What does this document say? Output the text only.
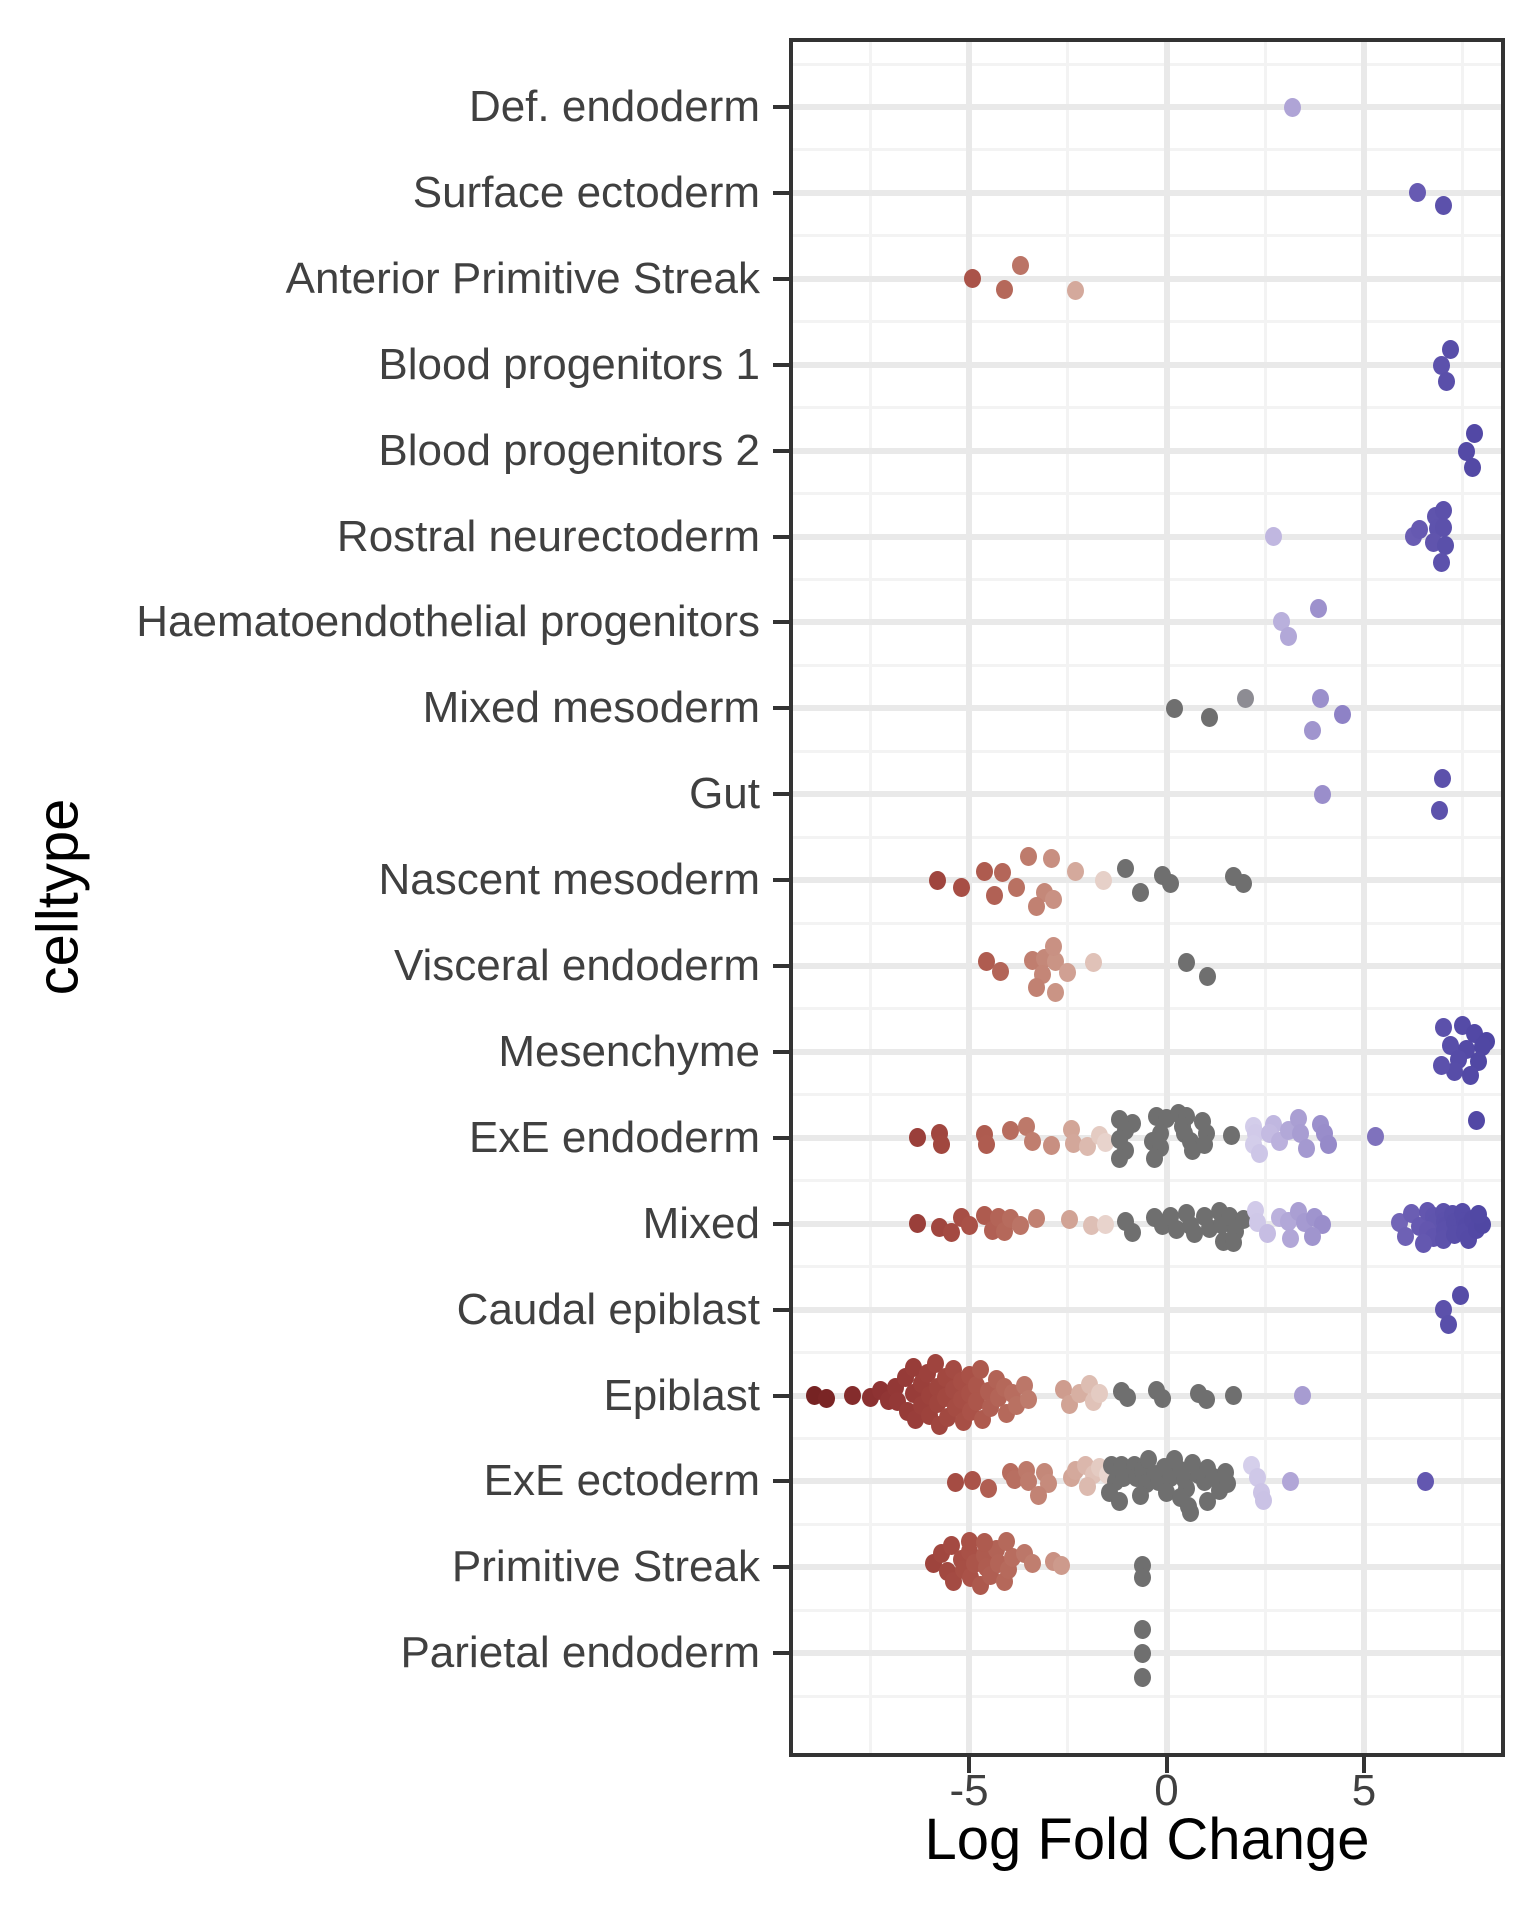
Def. endoderm
Surface ectoderm
Anterior Primitive Streak
Blood progenitors 1
Blood progenitors 2
Rostral neurectoderm
Haematoendothelial progenitors
Mixed mesoderm
Gut
Nascent mesoderm
Visceral endoderm
Mesenchyme
ExE endoderm
Mixed
Caudal epiblast
Epiblast
ExE ectoderm
Primitive Streak
Parietal endoderm
-5	0	5
celltype
Log Fold Change
